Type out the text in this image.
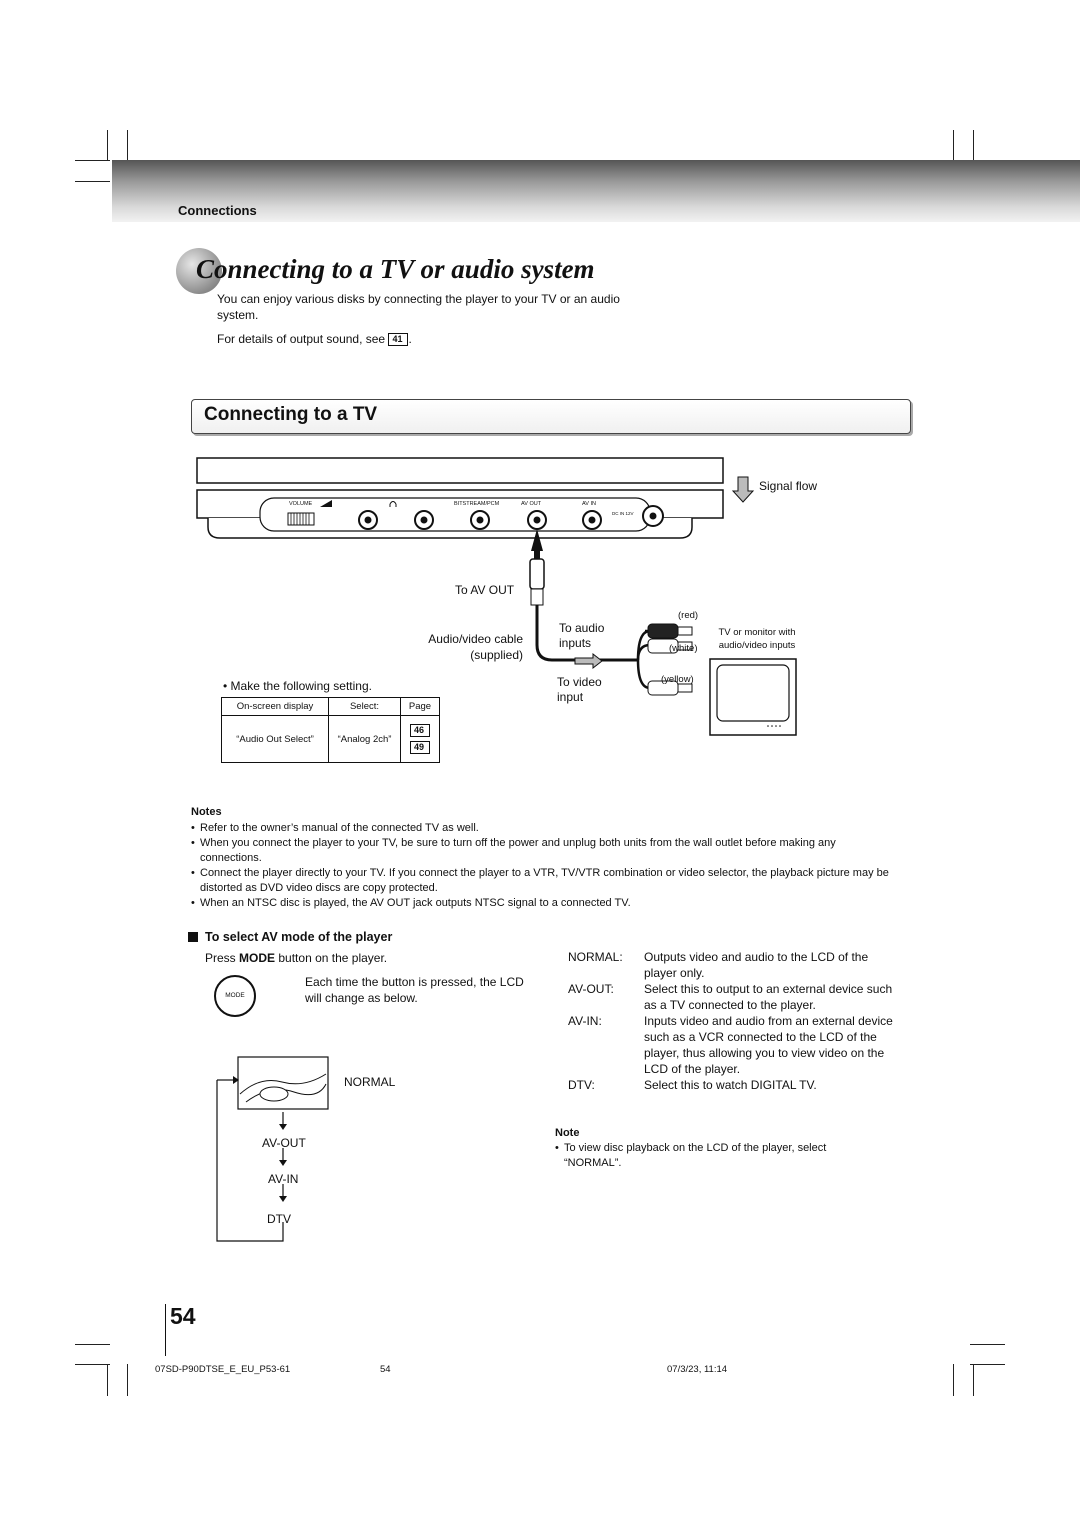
Connections
Connecting to a TV or audio system
You can enjoy various disks by connecting the player to your TV or an audio system.
For details of output sound, see 41 .
Connecting to a TV
VOLUME	BITSTREAM/PCM	AV OUT	AV IN
DC IN 12V
Signal flow
To AV OUT
Audio/video cable (supplied)
To audio inputs
To video input
(red)
(white)
(yellow)
TV or monitor with audio/video inputs
• Make the following setting.
On-screen display	Select:	Page
“Audio Out Select”	“Analog 2ch”	46
49
Notes
• Refer to the owner’s manual of the connected TV as well.
• When you connect the player to your TV, be sure to turn off the power and unplug both units from the wall outlet before making any connections.
• Connect the player directly to your TV. If you connect the player to a VTR, TV/VTR combination or video selector, the playback picture may be distorted as DVD video discs are copy protected.
• When an NTSC disc is played, the AV OUT jack outputs NTSC signal to a connected TV.
To select AV mode of the player
Press MODE button on the player.
MODE
Each time the button is pressed, the LCD will change as below.
NORMAL
AV-OUT
AV-IN
DTV
NORMAL:	Outputs video and audio to the LCD of the player only.
AV-OUT:	Select this to output to an external device such as a TV connected to the player.
AV-IN:	Inputs video and audio from an external device such as a VCR connected to the LCD of the player, thus allowing you to view video on the LCD of the player.
DTV:	Select this to watch DIGITAL TV.
Note
• To view disc playback on the LCD of the player, select “NORMAL”.
54
07SD-P90DTSE_E_EU_P53-61	54	07/3/23, 11:14
